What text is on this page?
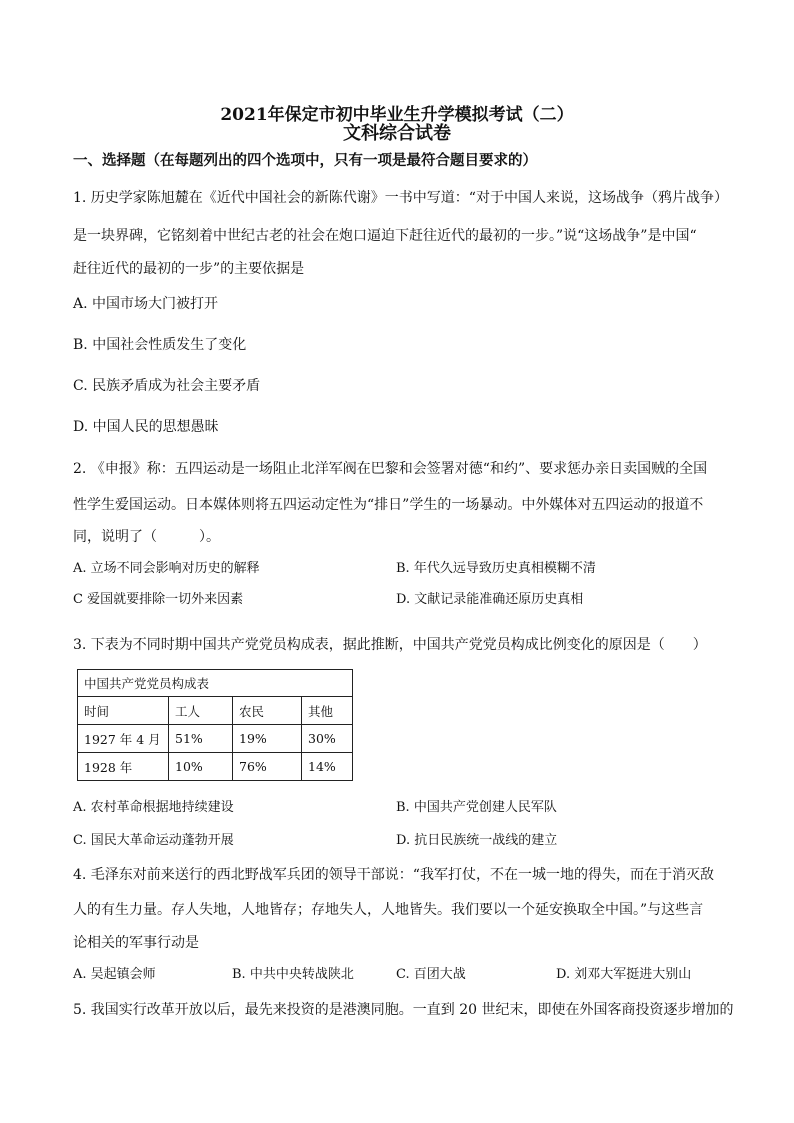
2021年保定市初中毕业生升学模拟考试（二）
文科综合试卷
一、选择题（在每题列出的四个选项中，只有一项是最符合题目要求的）
1. 历史学家陈旭麓在《近代中国社会的新陈代谢》一书中写道：“对于中国人来说，这场战争（鸦片战争）
是一块界碑，它铭刻着中世纪古老的社会在炮口逼迫下赶往近代的最初的一步。”说“这场战争”是中国“
赶往近代的最初的一步”的主要依据是
A. 中国市场大门被打开
B. 中国社会性质发生了变化
C. 民族矛盾成为社会主要矛盾
D. 中国人民的思想愚昧
2. 《申报》称：五四运动是一场阻止北洋军阀在巴黎和会签署对德“和约”、要求惩办亲日卖国贼的全国
性学生爱国运动。日本媒体则将五四运动定性为“排日”学生的一场暴动。中外媒体对五四运动的报道不
同，说明了（　　　）。
A. 立场不同会影响对历史的解释	B. 年代久远导致历史真相模糊不清
C 爱国就要排除一切外来因素	D. 文献记录能准确还原历史真相
3. 下表为不同时期中国共产党党员构成表，据此推断，中国共产党党员构成比例变化的原因是（　　）
中国共产党党员构成表			
时间	工人	农民	其他
1927 年 4 月	51%	19%	30%
1928 年	10%	76%	14%
A. 农村革命根据地持续建设	B. 中国共产党创建人民军队
C. 国民大革命运动蓬勃开展	D. 抗日民族统一战线的建立
4. 毛泽东对前来送行的西北野战军兵团的领导干部说：“我军打仗，不在一城一地的得失，而在于消灭敌
人的有生力量。存人失地，人地皆存；存地失人，人地皆失。我们要以一个延安换取全中国。”与这些言
论相关的军事行动是
A. 吴起镇会师	B. 中共中央转战陕北	C. 百团大战	D. 刘邓大军挺进大别山
5. 我国实行改革开放以后，最先来投资的是港澳同胞。一直到 20 世纪末，即使在外国客商投资逐步增加的
